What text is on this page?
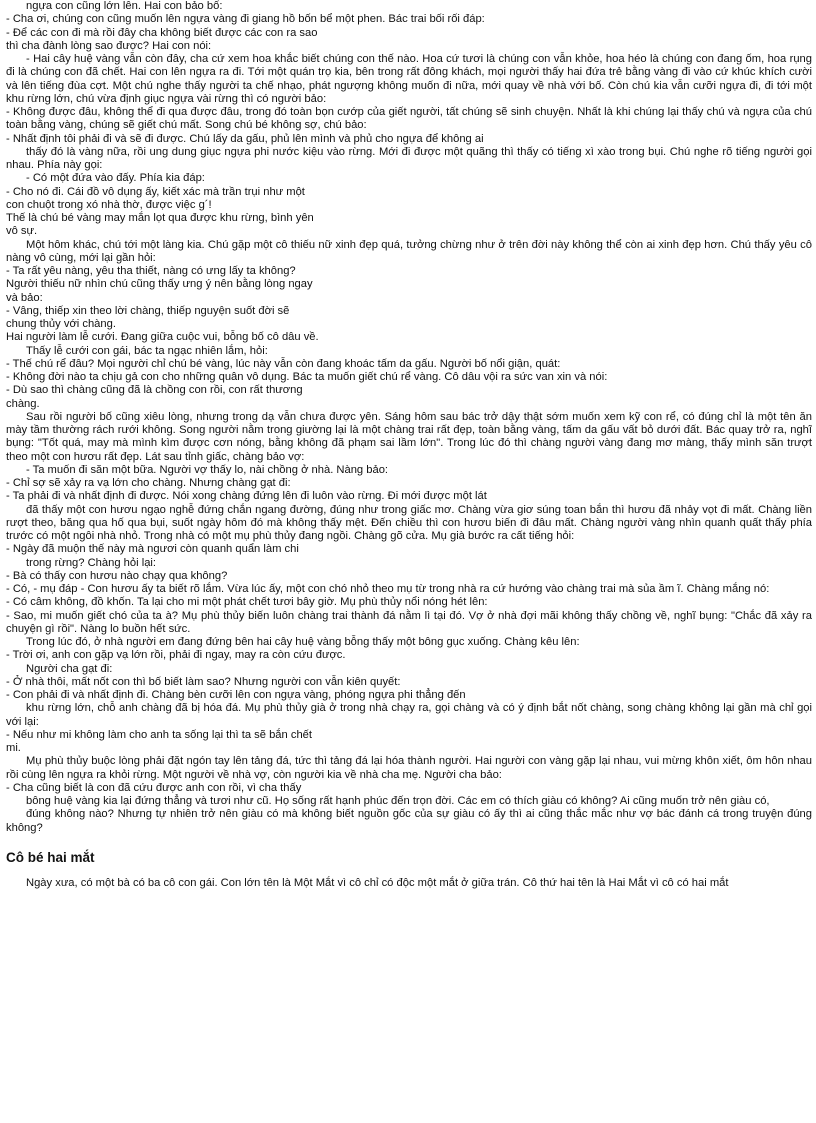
ngựa con cũng lớn lên. Hai con bảo bố:

- Cha ơi, chúng con cũng muốn lên ngựa vàng đi giang hồ bốn bể một phen. Bác trai bối rối đáp:

- Để các con đi mà rồi đây cha không biết được các con ra sao

thì cha đành lòng sao được? Hai con nói:

- Hai cây huệ vàng vẫn còn đây, cha cứ xem hoa khắc biết chúng con thế nào. Hoa cứ tươi là chúng con vẫn khỏe, hoa héo là chúng con đang ốm, hoa rụng đi là chúng con đã chết. Hai con lên ngựa ra đi. Tới một quán trọ kia, bên trong rất đông khách, mọi người thấy hai đứa trẻ bằng vàng đi vào cứ khúc khích cười và lên tiếng đùa cợt. Một chú nghe thấy người ta chế nhạo, phát ngượng không muốn đi nữa, mới quay về nhà với bố. Còn chú kia vẫn cưỡi ngựa đi, đi tới một khu rừng lớn, chú vừa định giục ngựa vài rừng thì có người bảo:

- Không được đâu, không thể đi qua được đâu, trong đó toàn bọn cướp của giết người, tất chúng sẽ sinh chuyện. Nhất là khi chúng lại thấy chú và ngựa của chú toàn bằng vàng, chúng sẽ giết chú mất. Song chú bé không sợ, chú bảo:

- Nhất định tôi phải đi và sẽ đi được. Chú lấy da gấu, phủ lên mình và phủ cho ngựa để không ai

thấy đó là vàng nữa, rồi ung dung giục ngựa phi nước kiệu vào rừng. Mới đi được một quãng thì thấy có tiếng xì xào trong bụi. Chú nghe rõ tiếng người gọi nhau. Phía này gọi:

- Có một đứa vào đấy. Phía kia đáp:

- Cho nó đi. Cái đồ vô dụng ấy, kiết xác mà trần trụi như một

con chuột trong xó nhà thờ, được việc g´!

Thế là chú bé vàng may mắn lọt qua được khu rừng, bình yên

vô sự.

Một hôm khác, chú tới một làng kia. Chú gặp một cô thiếu nữ xinh đẹp quá, tưởng chừng như ở trên đời này không thể còn ai xinh đẹp hơn. Chú thấy yêu cô nàng vô cùng, mới lại gần hỏi:

- Ta rất yêu nàng, yêu tha thiết, nàng có ưng lấy ta không?

Người thiếu nữ nhìn chú cũng thấy ưng ý nên bằng lòng ngay

và bảo:

- Vâng, thiếp xin theo lời chàng, thiếp nguyện suốt đời sẽ

chung thủy với chàng.

Hai người làm lễ cưới. Đang giữa cuộc vui, bỗng bố cô dâu về.

Thấy lễ cưới con gái, bác ta ngạc nhiên lắm, hỏi:

- Thế chú rể đâu? Mọi người chỉ chú bé vàng, lúc này vẫn còn đang khoác tấm da gấu. Người bố nổi giận, quát:

- Không đời nào ta chịu gả con cho những quân vô dụng. Bác ta muốn giết chú rể vàng. Cô dâu vội ra sức van xin và nói:

- Dù sao thì chàng cũng đã là chồng con rồi, con rất thương

chàng.

Sau rồi người bố cũng xiêu lòng, nhưng trong dạ vẫn chưa được yên. Sáng hôm sau bác trở dậy thật sớm muốn xem kỹ con rể, có đúng chỉ là một tên ăn mày tầm thường rách rưới không. Song người nằm trong giường lại là một chàng trai rất đẹp, toàn bằng vàng, tấm da gấu vất bỏ dưới đất. Bác quay trở ra, nghĩ bụng: "Tốt quá, may mà mình kìm được cơn nóng, bằng không đã phạm sai lầm lớn". Trong lúc đó thì chàng người vàng đang mơ màng, thấy mình săn trượt theo một con hươu rất đẹp. Lát sau tỉnh giấc, chàng bảo vợ:

- Ta muốn đi săn một bữa. Người vợ thấy lo, nài chồng ở nhà. Nàng bảo:

- Chỉ sợ sẽ xảy ra vạ lớn cho chàng. Nhưng chàng gạt đi:

- Ta phải đi và nhất định đi được. Nói xong chàng đứng lên đi luôn vào rừng. Đi mới được một lát

đã thấy một con hươu ngạo nghễ đứng chắn ngang đường, đúng như trong giấc mơ. Chàng vừa giơ súng toan bắn thì hươu đã nhảy vọt đi mất. Chàng liền rượt theo, băng qua hố qua bụi, suốt ngày hôm đó mà không thấy mệt. Đến chiều thì con hươu biến đi đâu mất. Chàng người vàng nhìn quanh quất thấy phía trước có một ngôi nhà nhỏ. Trong nhà có một mụ phù thủy đang ngồi. Chàng gõ cửa. Mụ già bước ra cất tiếng hỏi:

- Ngày đã muộn thế này mà ngươi còn quanh quẩn làm chi

trong rừng? Chàng hỏi lại:

- Bà có thấy con hươu nào chạy qua không?

- Có, - mụ đáp - Con hươu ấy ta biết rõ lắm. Vừa lúc ấy, một con chó nhỏ theo mụ từ trong nhà ra cứ hướng vào chàng trai mà sủa ầm ĩ. Chàng mắng nó:

- Có câm không, đồ khốn. Ta lại cho mi một phát chết tươi bây giờ. Mụ phù thủy nổi nóng hét lên:

- Sao, mi muốn giết chó của ta à? Mụ phù thủy biến luôn chàng trai thành đá nằm lì tại đó. Vợ ở nhà đợi mãi không thấy chồng về, nghĩ bụng: "Chắc đã xảy ra chuyện gì rồi". Nàng lo buồn hết sức.

Trong lúc đó, ở nhà người em đang đứng bên hai cây huệ vàng bỗng thấy một bông gục xuống. Chàng kêu lên:

- Trời ơi, anh con gặp vạ lớn rồi, phải đi ngay, may ra còn cứu được.

Người cha gạt đi:

- Ở nhà thôi, mất nốt con thì bố biết làm sao? Nhưng người con vẫn kiên quyết:

- Con phải đi và nhất định đi. Chàng bèn cưỡi lên con ngựa vàng, phóng ngựa phi thẳng đến

khu rừng lớn, chỗ anh chàng đã bị hóa đá. Mụ phù thủy già ở trong nhà chạy ra, gọi chàng và có ý định bắt nốt chàng, song chàng không lại gần mà chỉ gọi với lại:

- Nếu như mi không làm cho anh ta sống lại thì ta sẽ bắn chết

mi.

Mụ phù thủy buộc lòng phải đặt ngón tay lên tảng đá, tức thì tảng đá lại hóa thành người. Hai người con vàng gặp lại nhau, vui mừng khôn xiết, ôm hôn nhau rồi cùng lên ngựa ra khỏi rừng. Một người về nhà vợ, còn người kia về nhà cha mẹ. Người cha bảo:

- Cha cũng biết là con đã cứu được anh con rồi, vì cha thấy

bông huệ vàng kia lại đứng thẳng và tươi như cũ. Họ sống rất hạnh phúc đến trọn đời. Các em có thích giàu có không? Ai cũng muốn trở nên giàu có,

đúng không nào? Nhưng tự nhiên trở nên giàu có mà không biết nguồn gốc của sự giàu có ấy thì ai cũng thắc mắc như vợ bác đánh cá trong truyện đúng không?

Cô bé hai mắt

Ngày xưa, có một bà có ba cô con gái. Con lớn tên là Một Mắt vì cô chỉ có độc một mắt ở giữa trán. Cô thứ hai tên là Hai Mắt vì cô có hai mắt
